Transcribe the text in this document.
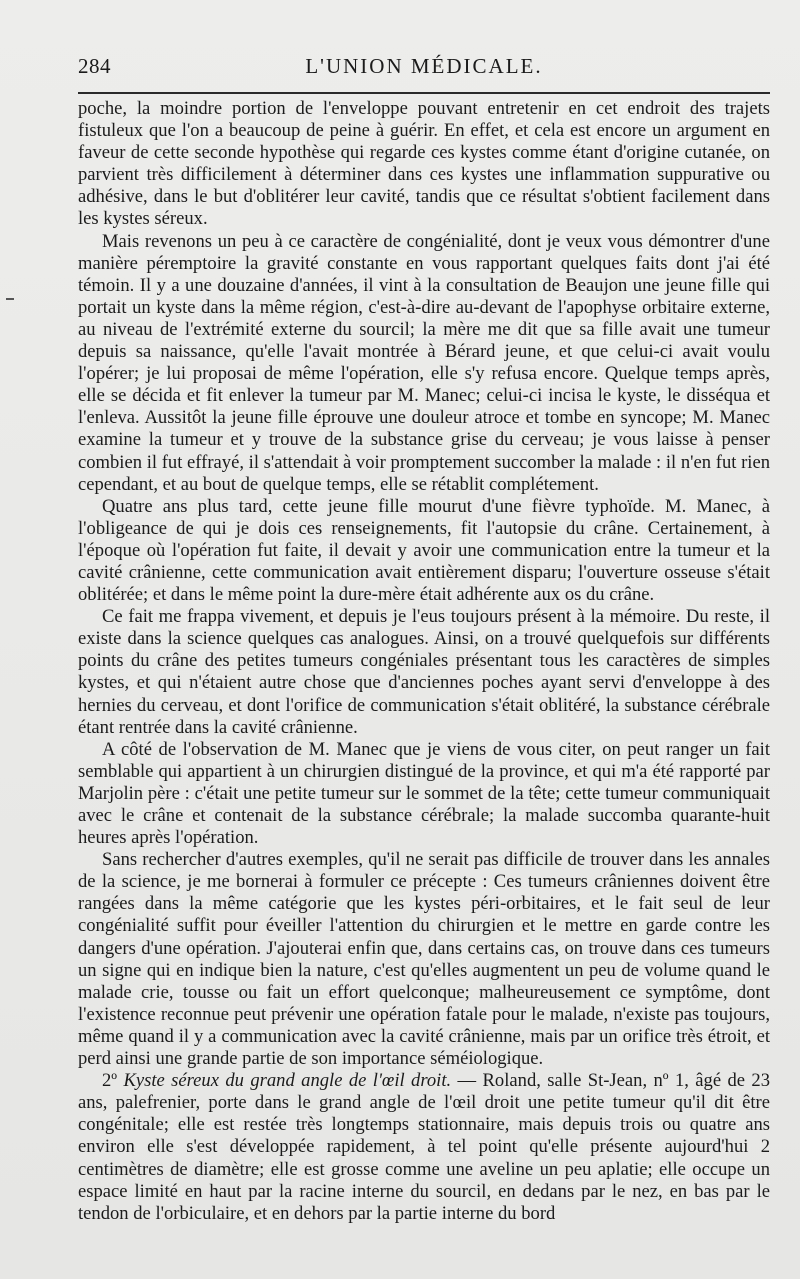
284	L'UNION MÉDICALE.

poche, la moindre portion de l'enveloppe pouvant entretenir en cet endroit des trajets fistuleux que l'on a beaucoup de peine à guérir. En effet, et cela est encore un argument en faveur de cette seconde hypothèse qui regarde ces kystes comme étant d'origine cutanée, on parvient très difficilement à déterminer dans ces kystes une inflammation suppurative ou adhésive, dans le but d'oblitérer leur cavité, tandis que ce résultat s'obtient facilement dans les kystes séreux.

Mais revenons un peu à ce caractère de congénialité, dont je veux vous démontrer d'une manière péremptoire la gravité constante en vous rapportant quelques faits dont j'ai été témoin. Il y a une douzaine d'années, il vint à la consultation de Beaujon une jeune fille qui portait un kyste dans la même région, c'est-à-dire au-devant de l'apophyse orbitaire externe, au niveau de l'extrémité externe du sourcil; la mère me dit que sa fille avait une tumeur depuis sa naissance, qu'elle l'avait montrée à Bérard jeune, et que celui-ci avait voulu l'opérer; je lui proposai de même l'opération, elle s'y refusa encore. Quelque temps après, elle se décida et fit enlever la tumeur par M. Manec; celui-ci incisa le kyste, le disséqua et l'enleva. Aussitôt la jeune fille éprouve une douleur atroce et tombe en syncope; M. Manec examine la tumeur et y trouve de la substance grise du cerveau; je vous laisse à penser combien il fut effrayé, il s'attendait à voir promptement succomber la malade : il n'en fut rien cependant, et au bout de quelque temps, elle se rétablit complétement.

Quatre ans plus tard, cette jeune fille mourut d'une fièvre typhoïde. M. Manec, à l'obligeance de qui je dois ces renseignements, fit l'autopsie du crâne. Certainement, à l'époque où l'opération fut faite, il devait y avoir une communication entre la tumeur et la cavité crânienne, cette communication avait entièrement disparu; l'ouverture osseuse s'était oblitérée; et dans le même point la dure-mère était adhérente aux os du crâne.

Ce fait me frappa vivement, et depuis je l'eus toujours présent à la mémoire. Du reste, il existe dans la science quelques cas analogues. Ainsi, on a trouvé quelquefois sur différents points du crâne des petites tumeurs congéniales présentant tous les caractères de simples kystes, et qui n'étaient autre chose que d'anciennes poches ayant servi d'enveloppe à des hernies du cerveau, et dont l'orifice de communication s'était oblitéré, la substance cérébrale étant rentrée dans la cavité crânienne.

A côté de l'observation de M. Manec que je viens de vous citer, on peut ranger un fait semblable qui appartient à un chirurgien distingué de la province, et qui m'a été rapporté par Marjolin père : c'était une petite tumeur sur le sommet de la tête; cette tumeur communiquait avec le crâne et contenait de la substance cérébrale; la malade succomba quarante-huit heures après l'opération.

Sans rechercher d'autres exemples, qu'il ne serait pas difficile de trouver dans les annales de la science, je me bornerai à formuler ce précepte : Ces tumeurs crâniennes doivent être rangées dans la même catégorie que les kystes péri-orbitaires, et le fait seul de leur congénialité suffit pour éveiller l'attention du chirurgien et le mettre en garde contre les dangers d'une opération. J'ajouterai enfin que, dans certains cas, on trouve dans ces tumeurs un signe qui en indique bien la nature, c'est qu'elles augmentent un peu de volume quand le malade crie, tousse ou fait un effort quelconque; malheureusement ce symptôme, dont l'existence reconnue peut prévenir une opération fatale pour le malade, n'existe pas toujours, même quand il y a communication avec la cavité crânienne, mais par un orifice très étroit, et perd ainsi une grande partie de son importance séméiologique.

2º Kyste séreux du grand angle de l'œil droit. — Roland, salle St-Jean, nº 1, âgé de 23 ans, palefrenier, porte dans le grand angle de l'œil droit une petite tumeur qu'il dit être congénitale; elle est restée très longtemps stationnaire, mais depuis trois ou quatre ans environ elle s'est développée rapidement, à tel point qu'elle présente aujourd'hui 2 centimètres de diamètre; elle est grosse comme une aveline un peu aplatie; elle occupe un espace limité en haut par la racine interne du sourcil, en dedans par le nez, en bas par le tendon de l'orbiculaire, et en dehors par la partie interne du bord
